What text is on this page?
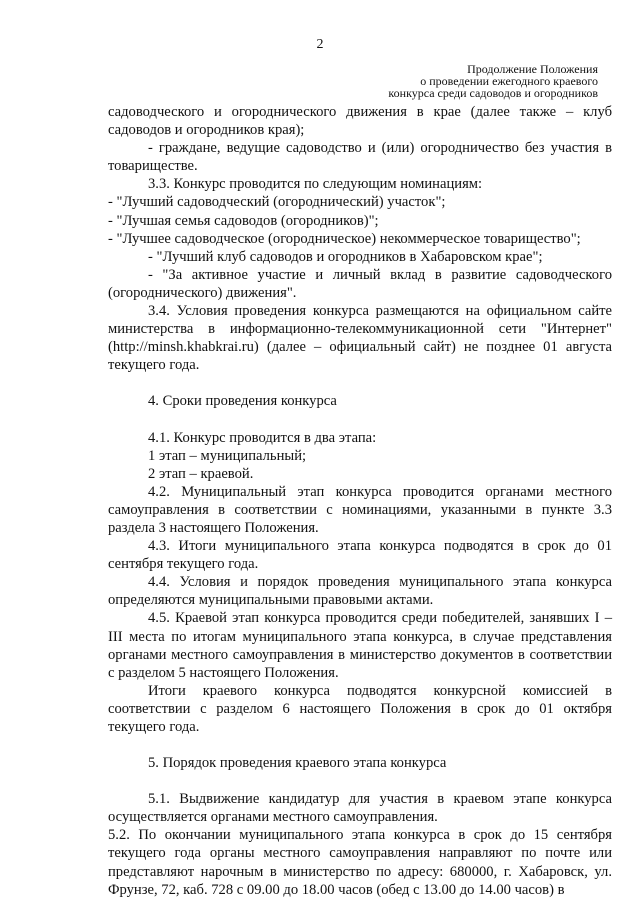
2
Продолжение Положения
о проведении ежегодного краевого
конкурса среди садоводов и огородников

садоводческого и огороднического движения в крае (далее также – клуб садоводов и огородников края);

- граждане, ведущие садоводство и (или) огородничество без участия в товариществе.

3.3. Конкурс проводится по следующим номинациям:

- "Лучший садоводческий (огороднический) участок";

- "Лучшая семья садоводов (огородников)";

- "Лучшее садоводческое (огородническое) некоммерческое товарищество";

- "Лучший клуб садоводов и огородников в Хабаровском крае";

- "За активное участие и личный вклад в развитие садоводческого (огороднического) движения".

3.4. Условия проведения конкурса размещаются на официальном сайте министерства в информационно-телекоммуникационной сети "Интернет" (http://minsh.khabkrai.ru) (далее – официальный сайт) не позднее 01 августа текущего года.

4. Сроки проведения конкурса

4.1. Конкурс проводится в два этапа:

1 этап – муниципальный;

2 этап – краевой.

4.2. Муниципальный этап конкурса проводится органами местного самоуправления в соответствии с номинациями, указанными в пункте 3.3 раздела 3 настоящего Положения.

4.3. Итоги муниципального этапа конкурса подводятся в срок до 01 сентября текущего года.

4.4. Условия и порядок проведения муниципального этапа конкурса определяются муниципальными правовыми актами.

4.5. Краевой этап конкурса проводится среди победителей, занявших I – III места по итогам муниципального этапа конкурса, в случае представления органами местного самоуправления в министерство документов в соответствии с разделом 5 настоящего Положения.

Итоги краевого конкурса подводятся конкурсной комиссией в соответствии с разделом 6 настоящего Положения в срок до 01 октября текущего года.

5. Порядок проведения краевого этапа конкурса

5.1. Выдвижение кандидатур для участия в краевом этапе конкурса осуществляется органами местного самоуправления.

5.2. По окончании муниципального этапа конкурса в срок до 15 сентября текущего года органы местного самоуправления направляют по почте или представляют нарочным в министерство по адресу: 680000, г. Хабаровск, ул. Фрунзе, 72, каб. 728 с 09.00 до 18.00 часов (обед с 13.00 до 14.00 часов) в
